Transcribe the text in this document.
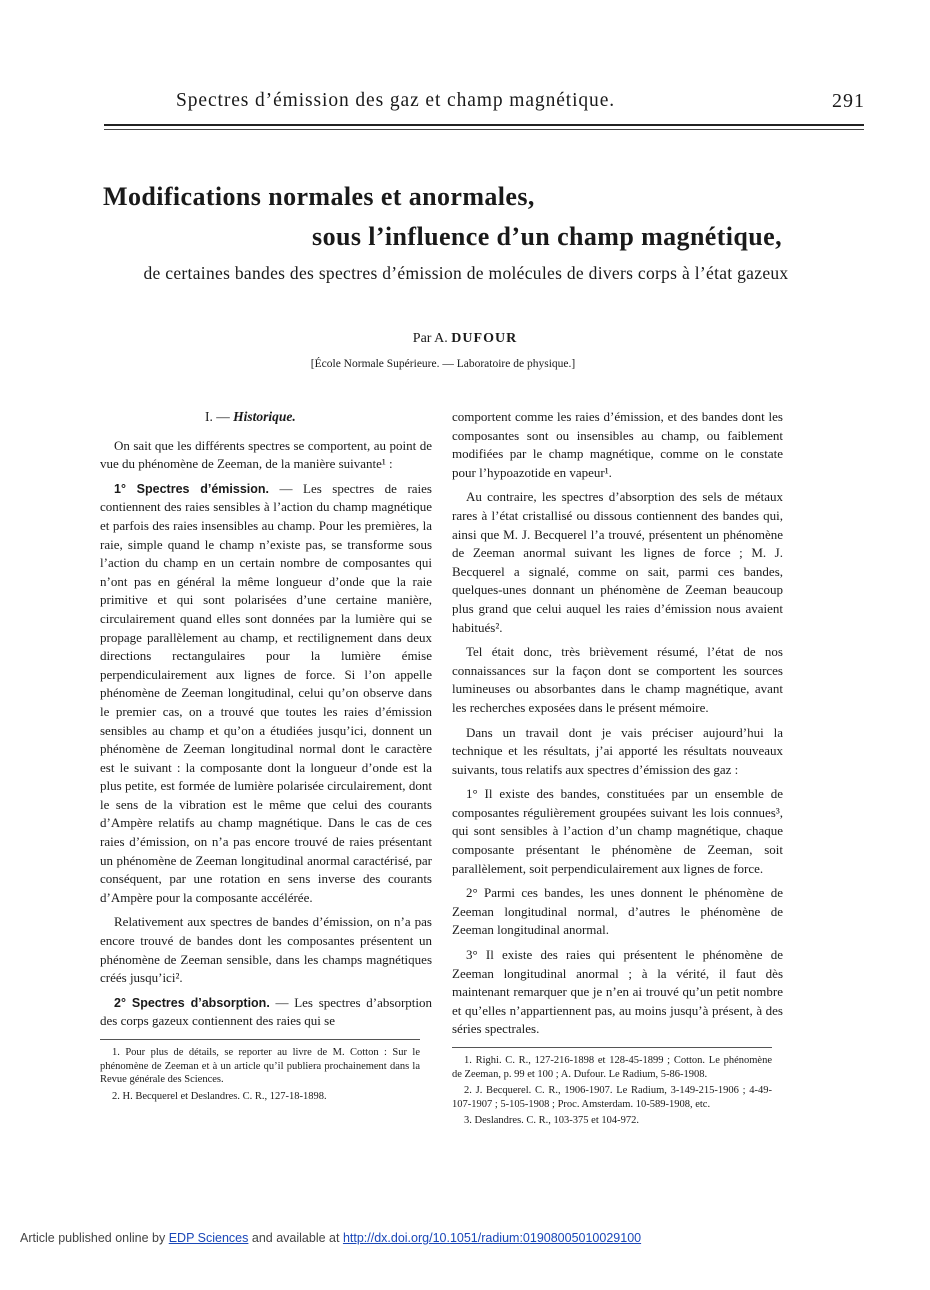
Spectres d’émission des gaz et champ magnétique.	291
Modifications normales et anormales,
sous l’influence d’un champ magnétique,
de certaines bandes des spectres d’émission de molécules de divers corps à l’état gazeux
Par A. DUFOUR
[École Normale Supérieure. — Laboratoire de physique.]
I. — Historique.

On sait que les différents spectres se comportent, au point de vue du phénomène de Zeeman, de la manière suivante¹ :

1° Spectres d’émission. — Les spectres de raies contiennent des raies sensibles à l’action du champ magnétique et parfois des raies insensibles au champ. Pour les premières, la raie, simple quand le champ n’existe pas, se transforme sous l’action du champ en un certain nombre de composantes qui n’ont pas en général la même longueur d’onde que la raie primitive et qui sont polarisées d’une certaine manière, circulairement quand elles sont données par la lumière qui se propage parallèlement au champ, et rectilignement dans deux directions rectangulaires pour la lumière émise perpendiculairement aux lignes de force. Si l’on appelle phénomène de Zeeman longitudinal, celui qu’on observe dans le premier cas, on a trouvé que toutes les raies d’émission sensibles au champ et qu’on a étudiées jusqu’ici, donnent un phénomène de Zeeman longitudinal normal dont le caractère est le suivant : la composante dont la longueur d’onde est la plus petite, est formée de lumière polarisée circulairement, dont le sens de la vibration est le même que celui des courants d’Ampère relatifs au champ magnétique. Dans le cas de ces raies d’émission, on n’a pas encore trouvé de raies présentant un phénomène de Zeeman longitudinal anormal caractérisé, par conséquent, par une rotation en sens inverse des courants d’Ampère pour la composante accélérée.

Relativement aux spectres de bandes d’émission, on n’a pas encore trouvé de bandes dont les composantes présentent un phénomène de Zeeman sensible, dans les champs magnétiques créés jusqu’ici².

2° Spectres d’absorption. — Les spectres d’absorption des corps gazeux contiennent des raies qui se

1. Pour plus de détails, se reporter au livre de M. Cotton : Sur le phénomène de Zeeman et à un article qu’il publiera prochainement dans la Revue générale des Sciences.

2. H. Becquerel et Deslandres. C. R., 127-18-1898.

comportent comme les raies d’émission, et des bandes dont les composantes sont ou insensibles au champ, ou faiblement modifiées par le champ magnétique, comme on le constate pour l’hypoazotide en vapeur¹.

Au contraire, les spectres d’absorption des sels de métaux rares à l’état cristallisé ou dissous contiennent des bandes qui, ainsi que M. J. Becquerel l’a trouvé, présentent un phénomène de Zeeman anormal suivant les lignes de force ; M. J. Becquerel a signalé, comme on sait, parmi ces bandes, quelques-unes donnant un phénomène de Zeeman beaucoup plus grand que celui auquel les raies d’émission nous avaient habitués².

Tel était donc, très brièvement résumé, l’état de nos connaissances sur la façon dont se comportent les sources lumineuses ou absorbantes dans le champ magnétique, avant les recherches exposées dans le présent mémoire.

Dans un travail dont je vais préciser aujourd’hui la technique et les résultats, j’ai apporté les résultats nouveaux suivants, tous relatifs aux spectres d’émission des gaz :

1° Il existe des bandes, constituées par un ensemble de composantes régulièrement groupées suivant les lois connues³, qui sont sensibles à l’action d’un champ magnétique, chaque composante présentant le phénomène de Zeeman, soit parallèlement, soit perpendiculairement aux lignes de force.

2° Parmi ces bandes, les unes donnent le phénomène de Zeeman longitudinal normal, d’autres le phénomène de Zeeman longitudinal anormal.

3° Il existe des raies qui présentent le phénomène de Zeeman longitudinal anormal ; à la vérité, il faut dès maintenant remarquer que je n’en ai trouvé qu’un petit nombre et qu’elles n’appartiennent pas, au moins jusqu’à présent, à des séries spectrales.

1. Righi. C. R., 127-216-1898 et 128-45-1899 ; Cotton. Le phénomène de Zeeman, p. 99 et 100 ; A. Dufour. Le Radium, 5-86-1908.

2. J. Becquerel. C. R., 1906-1907. Le Radium, 3-149-215-1906 ; 4-49-107-1907 ; 5-105-1908 ; Proc. Amsterdam. 10-589-1908, etc.

3. Deslandres. C. R., 103-375 et 104-972.

Article published online by EDP Sciences and available at http://dx.doi.org/10.1051/radium:01908005010029100
